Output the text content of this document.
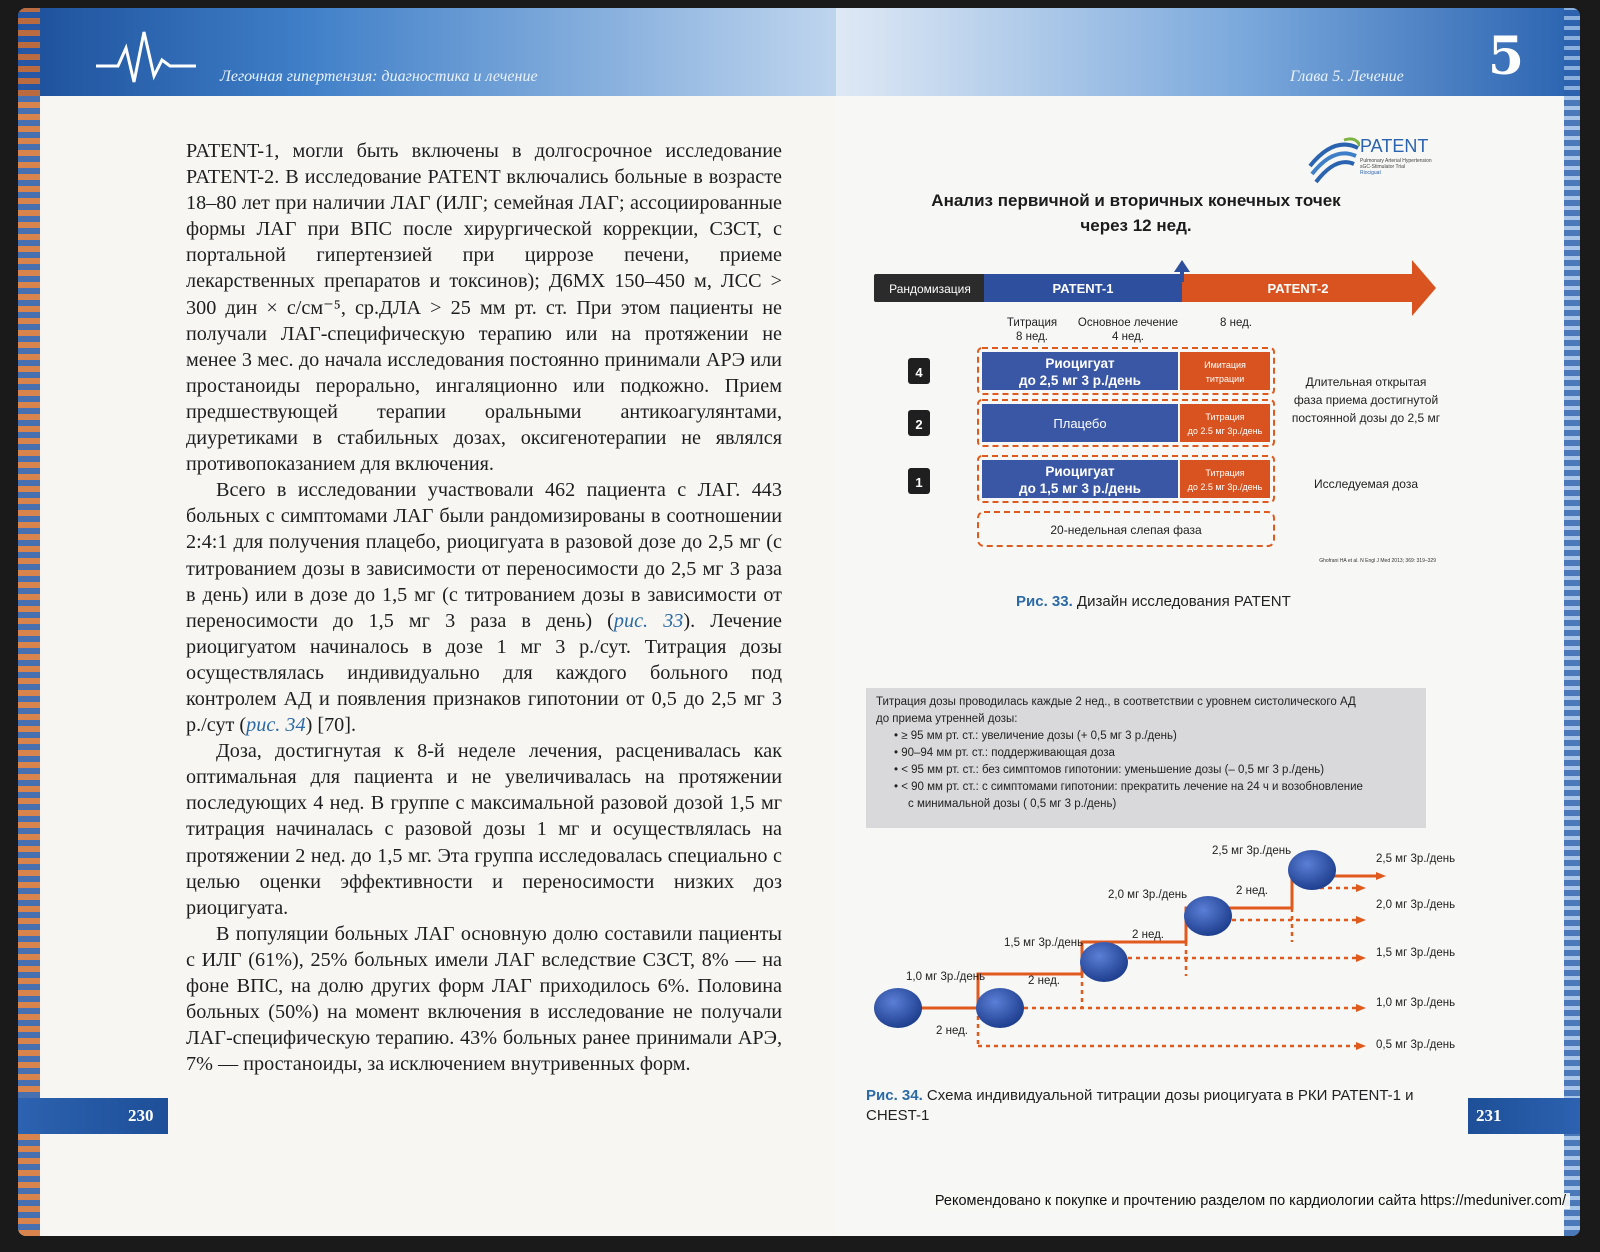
Легочная гипертензия: диагностика и лечение

PATENT-1, могли быть включены в долгосрочное исследование PATENT-2. В исследование PATENT включались больные в возрасте 18–80 лет при наличии ЛАГ (ИЛГ; семейная ЛАГ; ассоциированные формы ЛАГ при ВПС после хирургической коррекции, СЗСТ, с портальной гипертензией при циррозе печени, приеме лекарственных препаратов и токсинов); Д6МХ 150–450 м, ЛСС > 300 дин × с/см⁻⁵, ср.ДЛА > 25 мм рт. ст. При этом пациенты не получали ЛАГ-специфическую терапию или на протяжении не менее 3 мес. до начала исследования постоянно принимали АРЭ или простаноиды перорально, ингаляционно или подкожно. Прием предшествующей терапии оральными антикоагулянтами, диуретиками в стабильных дозах, оксигенотерапии не являлся противопоказанием для включения.

Всего в исследовании участвовали 462 пациента с ЛАГ. 443 больных с симптомами ЛАГ были рандомизированы в соотношении 2:4:1 для получения плацебо, риоцигуата в разовой дозе до 2,5 мг (с титрованием дозы в зависимости от переносимости до 2,5 мг 3 раза в день) или в дозе до 1,5 мг (с титрованием дозы в зависимости от переносимости до 1,5 мг 3 раза в день) (рис. 33). Лечение риоцигуатом начиналось в дозе 1 мг 3 р./сут. Титрация дозы осуществлялась индивидуально для каждого больного под контролем АД и появления признаков гипотонии от 0,5 до 2,5 мг 3 р./сут (рис. 34) [70].

Доза, достигнутая к 8-й неделе лечения, расценивалась как оптимальная для пациента и не увеличивалась на протяжении последующих 4 нед. В группе с максимальной разовой дозой 1,5 мг титрация начиналась с разовой дозы 1 мг и осуществлялась на протяжении 2 нед. до 1,5 мг. Эта группа исследовалась специально с целью оценки эффективности и переносимости низких доз риоцигуата.

В популяции больных ЛАГ основную долю составили пациенты с ИЛГ (61%), 25% больных имели ЛАГ вследствие СЗСТ, 8% — на фоне ВПС, на долю других форм ЛАГ приходилось 6%. Половина больных (50%) на момент включения в исследование не получали ЛАГ-специфическую терапию. 43% больных ранее принимали АРЭ, 7% — простаноиды, за исключением внутривенных форм.

230
Глава 5. Лечение 5
PATENT
Pulmonary Arterial Hypertension
sGC-Stimulator Trial
Riociguat
Анализ первичной и вторичных конечных точек
через 12 нед.
Рандомизация	PATENT-1	PATENT-2
Титрация
8 нед.
Основное лечение
4 нед.
8 нед.
4
Риоцигуат
до 2,5 мг 3 р./день
Имитация
титрации
2	Плацебо	Титрация
до 2.5 мг 3р./день
1
Риоцигуат
до 1,5 мг 3 р./день
Титрация
до 2.5 мг 3р./день
20-недельная слепая фаза
Длительная открытая
фаза приема достигнутой
постоянной дозы до 2,5 мг
Исследуемая доза
Ghofrani HA et al. N Engl J Med 2013; 369: 319–329
Рис. 33. Дизайн исследования PATENT
Титрация дозы проводилась каждые 2 нед., в соответствии с уровнем систолического АД
до приема утренней дозы:
• ≥ 95 мм рт. ст.: увеличение дозы (+ 0,5 мг 3 р./день)
• 90–94 мм рт. ст.: поддерживающая доза
• < 95 мм рт. ст.: без симптомов гипотонии: уменьшение дозы (– 0,5 мг 3 р./день)
• < 90 мм рт. ст.: с симптомами гипотонии: прекратить лечение на 24 ч и возобновление
с минимальной дозы ( 0,5 мг 3 р./день)
1,0 мг 3р./день
1,5 мг 3р./день
2,0 мг 3р./день
2,5 мг 3р./день
2 нед.
2 нед.
2 нед.
2 нед.
2,5 мг 3р./день
2,0 мг 3р./день
1,5 мг 3р./день
1,0 мг 3р./день
0,5 мг 3р./день
Рис. 34. Схема индивидуальной титрации дозы риоцигуата в РКИ PATENT-1 и CHEST-1	231
Рекомендовано к покупке и прочтению разделом по кардиологии сайта https://meduniver.com/
